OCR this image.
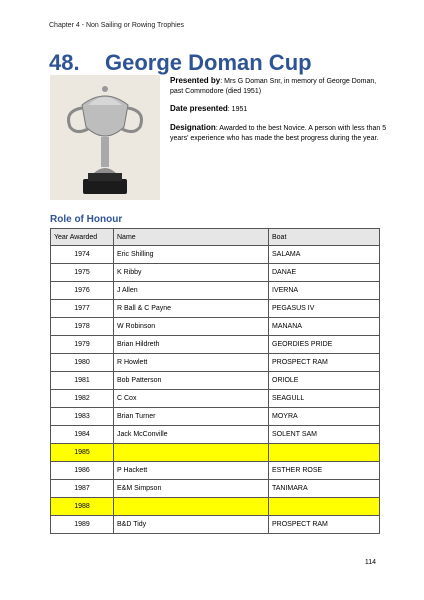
Chapter 4 - Non Sailing or Rowing Trophies
48. George Doman Cup

Presented by: Mrs G Doman Snr, in memory of George Doman, past Commodore (died 1951)

Date presented: 1951

Designation: Awarded to the best Novice. A person with less than 5 years' experience who has made the best progress during the year.

Role of Honour
Year Awarded	Name	Boat
1974	Eric Shilling	SALAMA
1975	K Ribby	DANAE
1976	J Allen	IVERNA
1977	R Ball & C Payne	PEGASUS IV
1978	W Robinson	MANANA
1979	Brian Hildreth	GEORDIES PRIDE
1980	R Howlett	PROSPECT RAM
1981	Bob Patterson	ORIOLE
1982	C Cox	SEAGULL
1983	Brian Turner	MOYRA
1984	Jack McConville	SOLENT SAM
1985		
1986	P Hackett	ESTHER ROSE
1987	E&M Simpson	TANIMARA
1988		
1989	B&D Tidy	PROSPECT RAM
114
